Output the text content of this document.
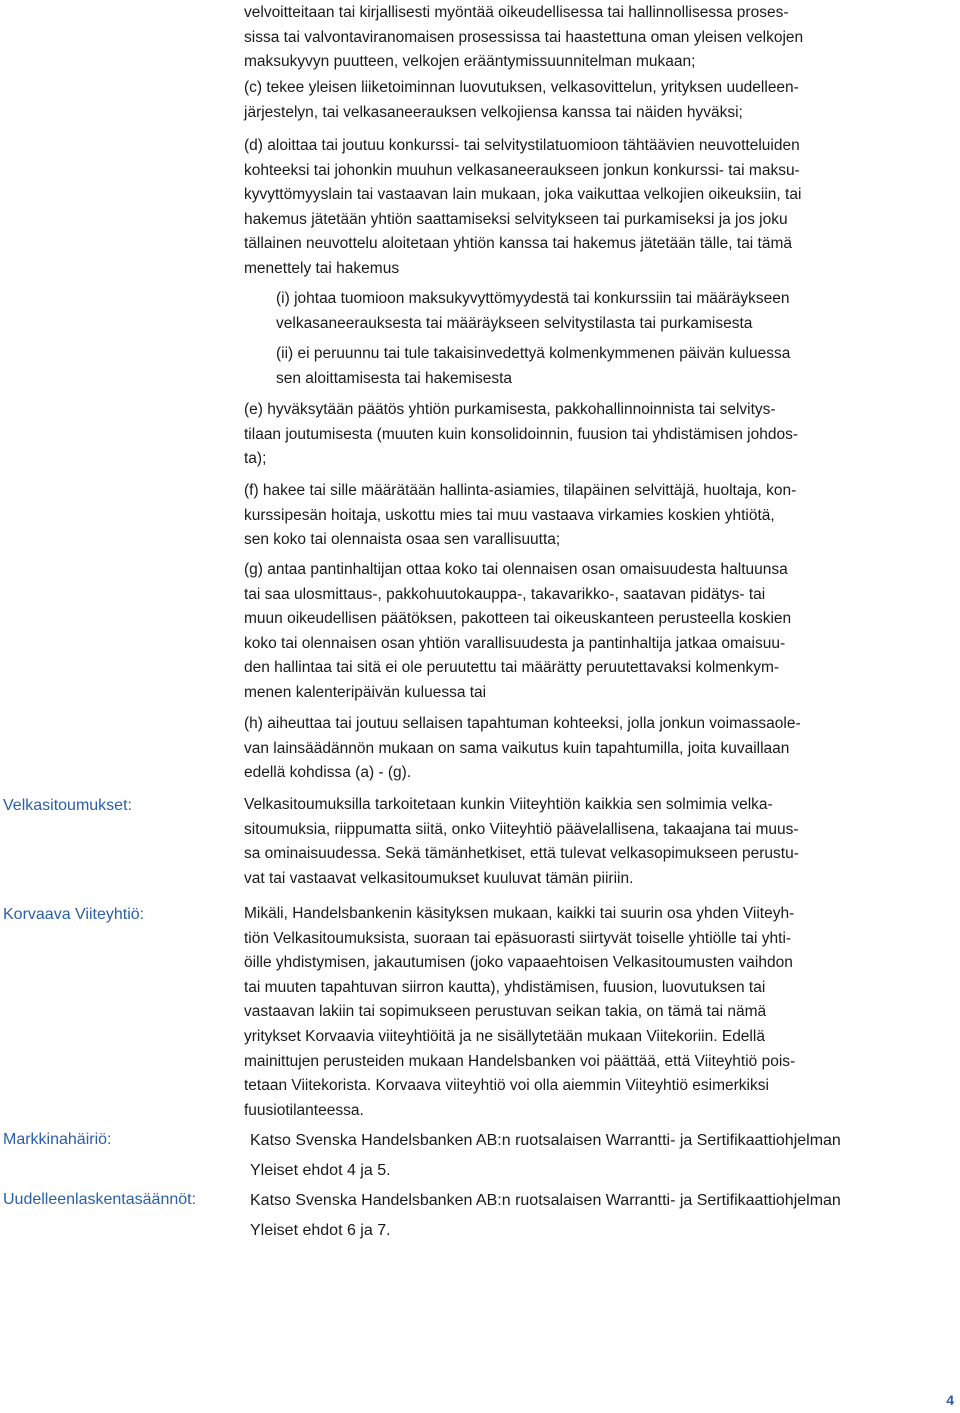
velvoitteitaan tai kirjallisesti myöntää oikeudellisessa tai hallinnollisessa proses-
sissa tai valvontaviranomaisen prosessissa tai haastettuna oman yleisen velkojen
maksukyvyn puutteen, velkojen erääntymissuunnitelman mukaan;
(c) tekee yleisen liiketoiminnan luovutuksen, velkasovittelun, yrityksen uudelleen-
järjestelyn, tai velkasaneerauksen velkojiensa kanssa tai näiden hyväksi;
(d) aloittaa tai joutuu konkurssi- tai selvitystilatuomioon tähtäävien neuvotteluiden
kohteeksi tai johonkin muuhun velkasaneeraukseen jonkun konkurssi- tai maksu-
kyvyttömyyslain tai vastaavan lain mukaan, joka vaikuttaa velkojien oikeuksiin, tai
hakemus jätetään yhtiön saattamiseksi selvitykseen tai purkamiseksi ja jos joku
tällainen neuvottelu aloitetaan yhtiön kanssa tai hakemus jätetään tälle, tai tämä
menettely tai hakemus
(i) johtaa tuomioon maksukyvyttömyydestä tai konkurssiin tai määräykseen
velkasaneerauksesta tai määräykseen selvitystilasta tai purkamisesta
(ii) ei peruunnu tai tule takaisinvedettyä kolmenkymmenen päivän kuluessa
sen aloittamisesta tai hakemisesta
(e) hyväksytään päätös yhtiön purkamisesta, pakkohallinnoinnista tai selvitys-
tilaan joutumisesta (muuten kuin konsolidoinnin, fuusion tai yhdistämisen johdos-
ta);
(f) hakee tai sille määrätään hallinta-asiamies, tilapäinen selvittäjä, huoltaja, kon-
kurssipesän hoitaja, uskottu mies tai muu vastaava virkamies koskien yhtiötä,
sen koko tai olennaista osaa sen varallisuutta;
(g) antaa pantinhaltijan ottaa koko tai olennaisen osan omaisuudesta haltuunsa
tai saa ulosmittaus-, pakkohuutokauppa-, takavarikko-, saatavan pidätys- tai
muun oikeudellisen päätöksen, pakotteen tai oikeuskanteen perusteella koskien
koko tai olennaisen osan yhtiön varallisuudesta ja pantinhaltija jatkaa omaisuu-
den hallintaa tai sitä ei ole peruutettu tai määrätty peruutettavaksi kolmenkym-
menen kalenteripäivän kuluessa tai
(h) aiheuttaa tai joutuu sellaisen tapahtuman kohteeksi, jolla jonkun voimassaole-
van lainsäädännön mukaan on sama vaikutus kuin tapahtumilla, joita kuvaillaan
edellä kohdissa (a) - (g).
Velkasitoumukset:	Velkasitoumuksilla tarkoitetaan kunkin Viiteyhtiön kaikkia sen solmimia velka-
sitoumuksia, riippumatta siitä, onko Viiteyhtiö päävelallisena, takaajana tai muus-
sa ominaisuudessa. Sekä tämänhetkiset, että tulevat velkasopimukseen perustu-
vat tai vastaavat velkasitoumukset kuuluvat tämän piiriin.
Korvaava Viiteyhtiö:	Mikäli, Handelsbankenin käsityksen mukaan, kaikki tai suurin osa yhden Viiteyh-
tiön Velkasitoumuksista, suoraan tai epäsuorasti siirtyvät toiselle yhtiölle tai yhti-
öille yhdistymisen, jakautumisen (joko vapaaehtoisen Velkasitoumusten vaihdon
tai muuten tapahtuvan siirron kautta), yhdistämisen, fuusion, luovutuksen tai
vastaavan lakiin tai sopimukseen perustuvan seikan takia, on tämä tai nämä
yritykset Korvaavia viiteyhtiöitä ja ne sisällytetään mukaan Viitekoriin. Edellä
mainittujen perusteiden mukaan Handelsbanken voi päättää, että Viiteyhtiö pois-
tetaan Viitekorista. Korvaava viiteyhtiö voi olla aiemmin Viiteyhtiö esimerkiksi
fuusiotilanteessa.
Markkinahäiriö:	Katso Svenska Handelsbanken AB:n ruotsalaisen Warrantti- ja Sertifikaattiohjelman
Yleiset ehdot 4 ja 5.
Uudelleenlaskentasäännöt:	Katso Svenska Handelsbanken AB:n ruotsalaisen Warrantti- ja Sertifikaattiohjelman
Yleiset ehdot 6 ja 7.
4
